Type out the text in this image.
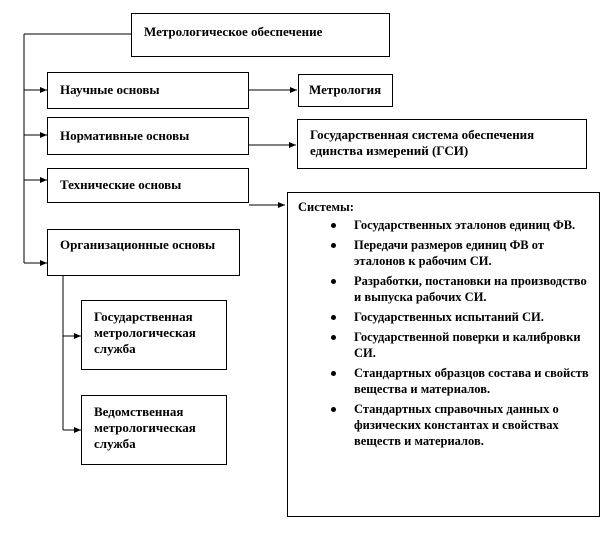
Метрологическое обеспечение
Научные основы
Нормативные основы
Технические основы
Организационные основы
Метрология
Государственная система обеспечения единства измерений (ГСИ)
Системы:
Государственных эталонов единиц ФВ.
Передачи размеров единиц ФВ от эталонов к рабочим СИ.
Разработки, постановки на производство и выпуска рабочих СИ.
Государственных испытаний СИ.
Государственной поверки и калибровки СИ.
Стандартных образцов состава и свойств вещества и материалов.
Стандартных справочных данных о физических константах и свойствах веществ и материалов.
Государственная метрологическая служба
Ведомственная метрологическая служба
